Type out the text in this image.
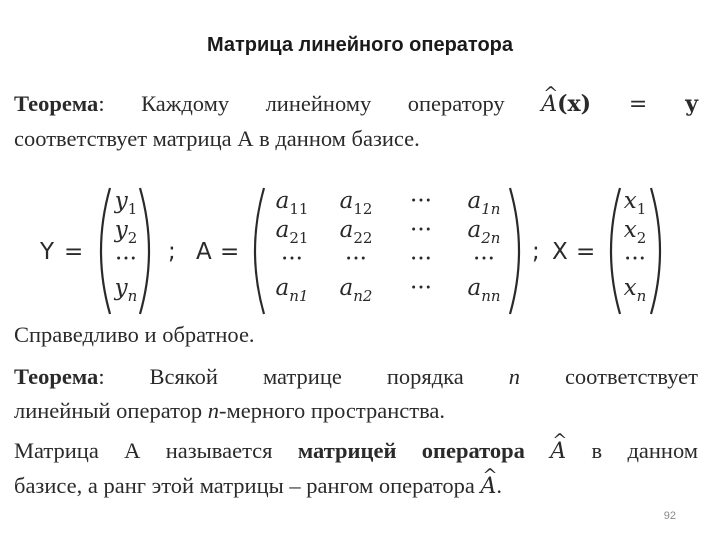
Матрица линейного оператора
Теорема: Каждому линейному оператору ^ A(x) = y
соответствует матрица А в данном базисе.
Y =
$y_1$
$y_2$
···
$y_n$
; A =
$a_{11}$ $a_{12}$ ··· $a_{1n}$
$a_{21}$ $a_{22}$ ··· $a_{2n}$
··· ··· ··· ···
$a_{n1}$ $a_{n2}$ ··· $a_{nn}$
; X =
$x_1$
$x_2$
···
$x_n$
Справедливо и обратное.
Теорема: Всякой матрице порядка n соответствует
линейный оператор n-мерного пространства.
Матрица А называется матрицей оператора ^ A в данном
базисе, а ранг этой матрицы – рангом оператора ^ A.
92
